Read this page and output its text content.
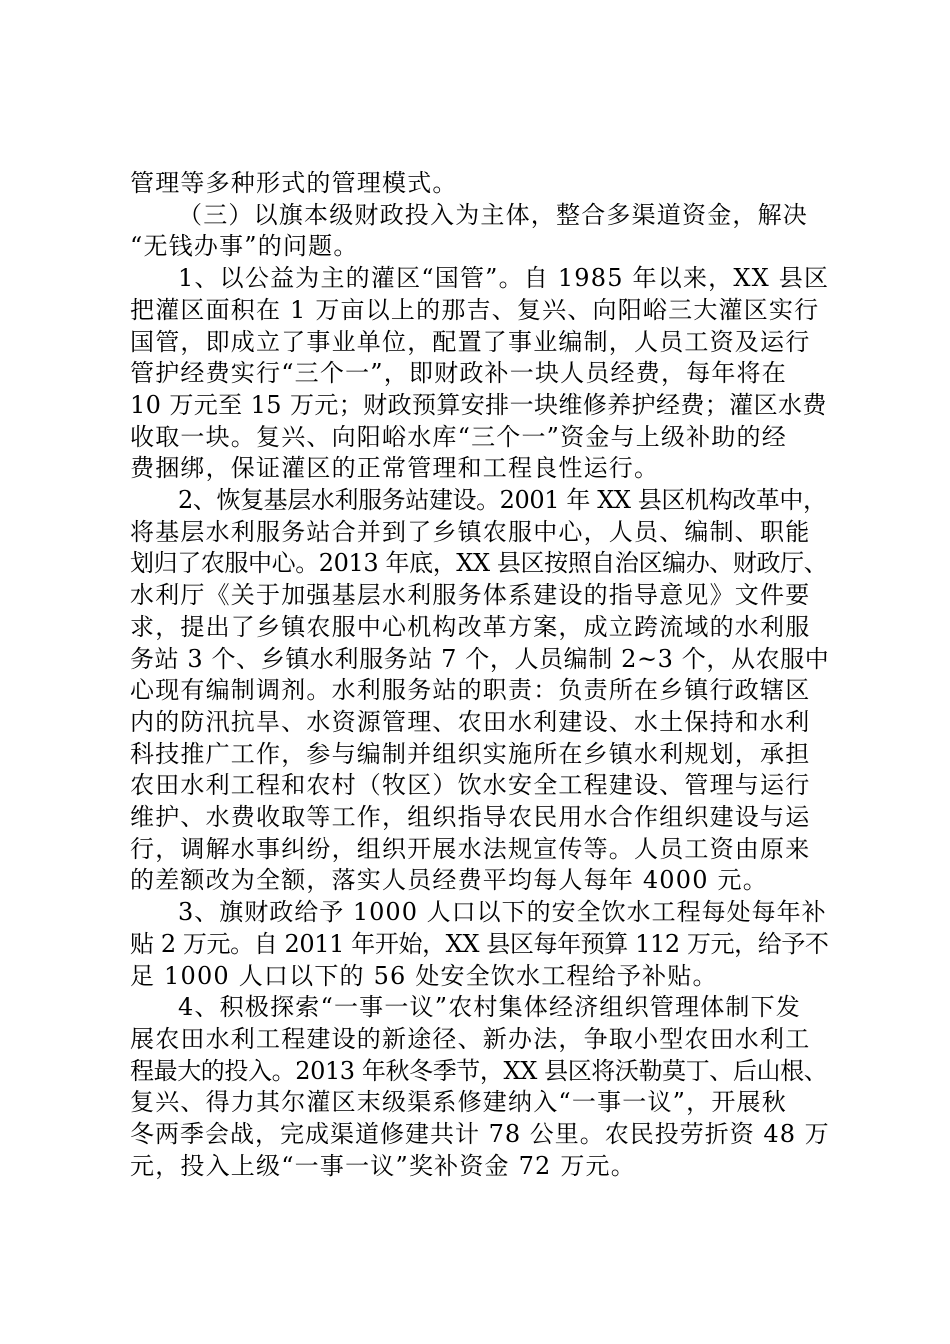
管理等多种形式的管理模式。
（三）以旗本级财政投入为主体，整合多渠道资金，解决
“无钱办事”的问题。
1、以公益为主的灌区“国管”。自 1985 年以来，XX 县区
把灌区面积在 1 万亩以上的那吉、复兴、向阳峪三大灌区实行
国管，即成立了事业单位，配置了事业编制，人员工资及运行
管护经费实行“三个一”，即财政补一块人员经费，每年将在
10 万元至 15 万元；财政预算安排一块维修养护经费；灌区水费
收取一块。复兴、向阳峪水库“三个一”资金与上级补助的经
费捆绑，保证灌区的正常管理和工程良性运行。
2、恢复基层水利服务站建设。2001 年 XX 县区机构改革中，
将基层水利服务站合并到了乡镇农服中心，人员、编制、职能
划归了农服中心。2013 年底，XX 县区按照自治区编办、财政厅、
水利厅《关于加强基层水利服务体系建设的指导意见》文件要
求，提出了乡镇农服中心机构改革方案，成立跨流域的水利服
务站 3 个、乡镇水利服务站 7 个，人员编制 2~3 个，从农服中
心现有编制调剂。水利服务站的职责：负责所在乡镇行政辖区
内的防汛抗旱、水资源管理、农田水利建设、水土保持和水利
科技推广工作，参与编制并组织实施所在乡镇水利规划，承担
农田水利工程和农村（牧区）饮水安全工程建设、管理与运行
维护、水费收取等工作，组织指导农民用水合作组织建设与运
行，调解水事纠纷，组织开展水法规宣传等。人员工资由原来
的差额改为全额，落实人员经费平均每人每年 4000 元。
3、旗财政给予 1000 人口以下的安全饮水工程每处每年补
贴 2 万元。自 2011 年开始，XX 县区每年预算 112 万元，给予不
足 1000 人口以下的 56 处安全饮水工程给予补贴。
4、积极探索“一事一议”农村集体经济组织管理体制下发
展农田水利工程建设的新途径、新办法，争取小型农田水利工
程最大的投入。2013 年秋冬季节，XX 县区将沃勒莫丁、后山根、
复兴、得力其尔灌区末级渠系修建纳入“一事一议”，开展秋
冬两季会战，完成渠道修建共计 78 公里。农民投劳折资 48 万
元，投入上级“一事一议”奖补资金 72 万元。
